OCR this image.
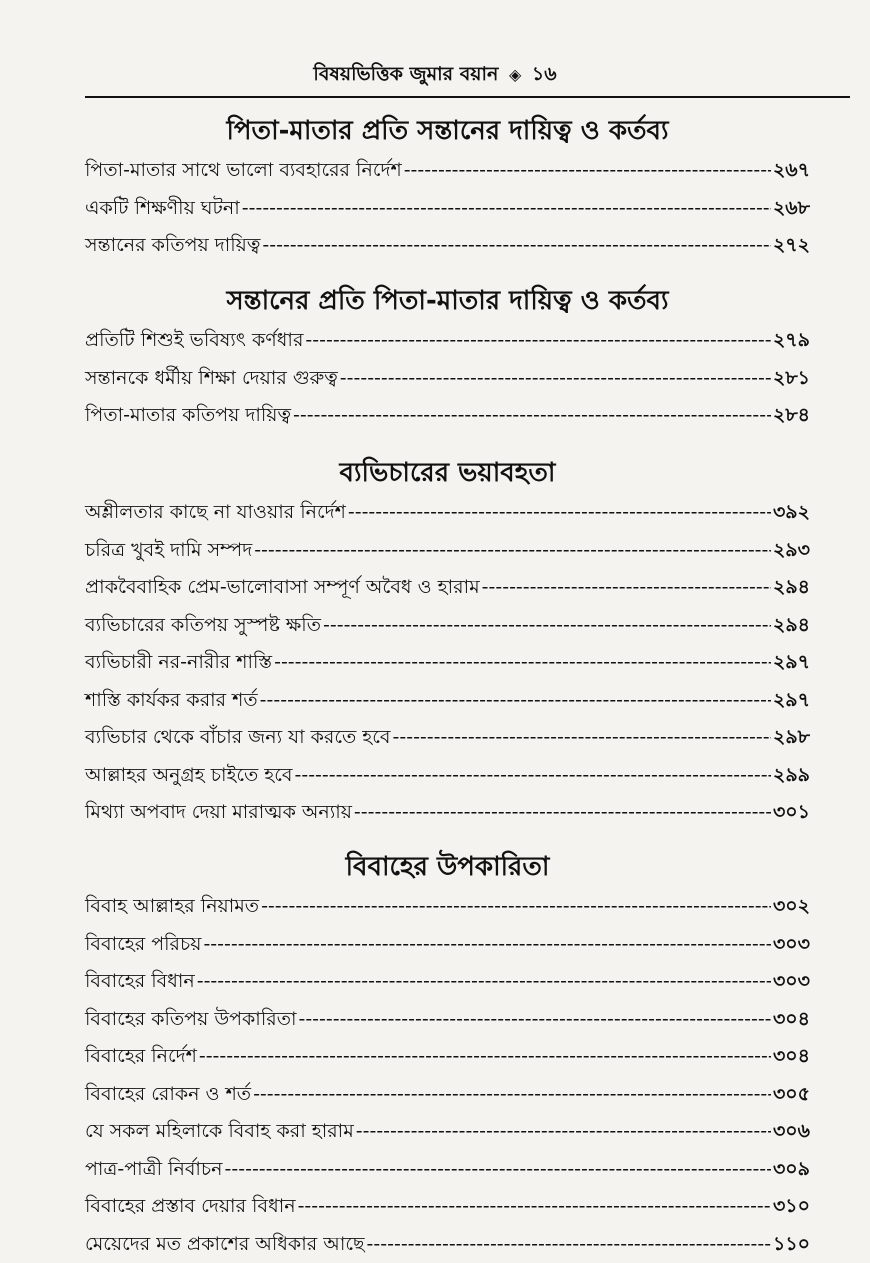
বিষয়ভিত্তিক জুমার বয়ান ◈ ১৬
পিতা-মাতার প্রতি সন্তানের দায়িত্ব ও কর্তব্য
পিতা-মাতার সাথে ভালো ব্যবহারের নির্দেশ -----	২৬৭
একটি শিক্ষণীয় ঘটনা -----	২৬৮
সন্তানের কতিপয় দায়িত্ব -----	২৭২
সন্তানের প্রতি পিতা-মাতার দায়িত্ব ও কর্তব্য
প্রতিটি শিশুই ভবিষ্যৎ কর্ণধার -----	২৭৯
সন্তানকে ধর্মীয় শিক্ষা দেয়ার গুরুত্ব -----	২৮১
পিতা-মাতার কতিপয় দায়িত্ব -----	২৮৪
ব্যভিচারের ভয়াবহতা
অশ্লীলতার কাছে না যাওয়ার নির্দেশ -----	৩৯২
চরিত্র খুবই দামি সম্পদ -----	২৯৩
প্রাকবৈবাহিক প্রেম-ভালোবাসা সম্পূর্ণ অবৈধ ও হারাম -----	২৯৪
ব্যভিচারের কতিপয় সুস্পষ্ট ক্ষতি -----	২৯৪
ব্যভিচারী নর-নারীর শাস্তি -----	২৯৭
শাস্তি কার্যকর করার শর্ত -----	২৯৭
ব্যভিচার থেকে বাঁচার জন্য যা করতে হবে -----	২৯৮
আল্লাহর অনুগ্রহ চাইতে হবে -----	২৯৯
মিথ্যা অপবাদ দেয়া মারাত্মক অন্যায় -----	৩০১
বিবাহের উপকারিতা
বিবাহ আল্লাহর নিয়ামত -----	৩০২
বিবাহের পরিচয় -----	৩০৩
বিবাহের বিধান -----	৩০৩
বিবাহের কতিপয় উপকারিতা -----	৩০৪
বিবাহের নির্দেশ -----	৩০৪
বিবাহের রোকন ও শর্ত -----	৩০৫
যে সকল মহিলাকে বিবাহ করা হারাম -----	৩০৬
পাত্র-পাত্রী নির্বাচন -----	৩০৯
বিবাহের প্রস্তাব দেয়ার বিধান -----	৩১০
মেয়েদের মত প্রকাশের অধিকার আছে -----	১১০
